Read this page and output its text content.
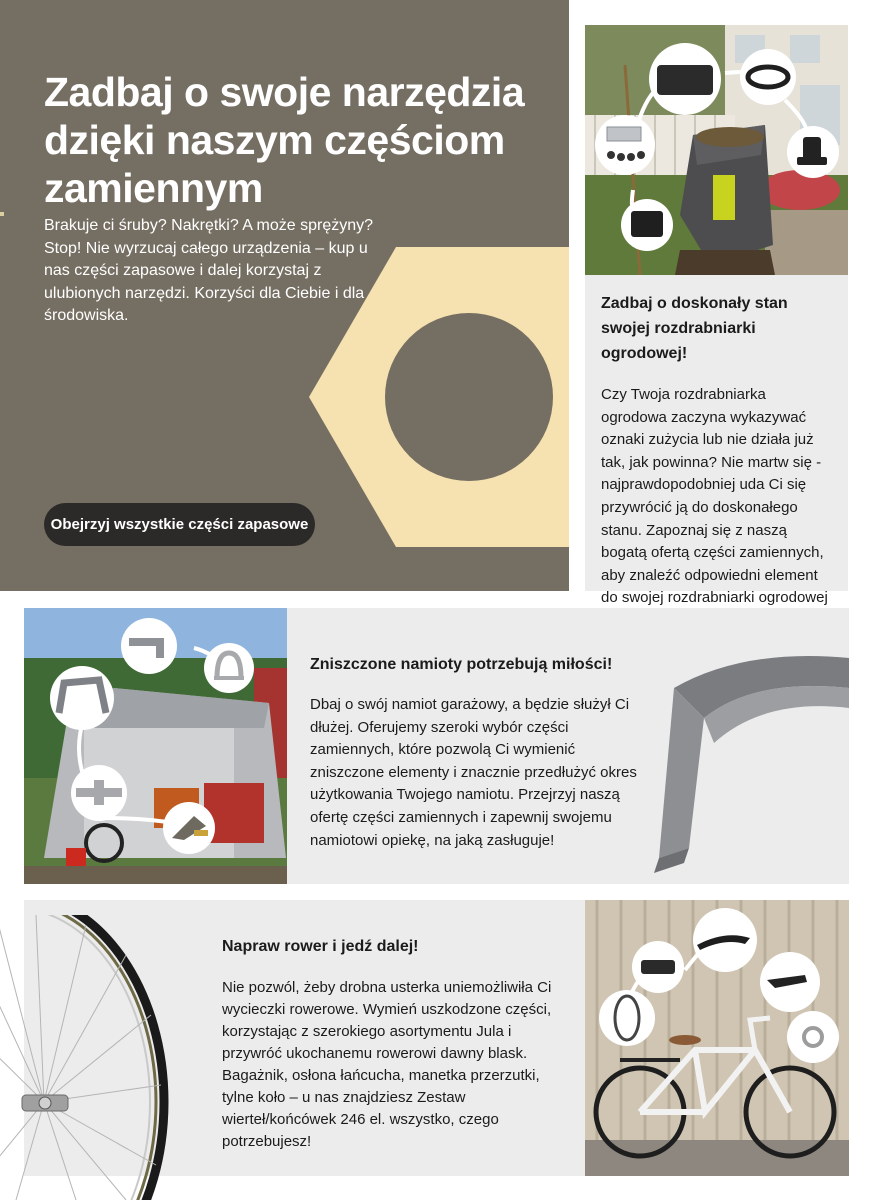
Zadbaj o swoje narzędzia dzięki naszym częściom zamiennym

Brakuje ci śruby? Nakrętki? A może sprężyny? Stop! Nie wyrzucaj całego urządzenia – kup u nas części zapasowe i dalej korzystaj z ulubionych narzędzi. Korzyści dla Ciebie i dla środowiska.

Obejrzyj wszystkie części zapasowe
Zadbaj o doskonały stan swojej rozdrabniarki ogrodowej!

Czy Twoja rozdrabniarka ogrodowa zaczyna wykazywać oznaki zużycia lub nie działa już tak, jak powinna? Nie martw się - najprawdopodobniej uda Ci się przywrócić ją do doskonałego stanu. Zapoznaj się z naszą bogatą ofertą części zamiennych, aby znaleźć odpowiedni element do swojej rozdrabniarki ogrodowej

Zniszczone namioty potrzebują miłości!

Dbaj o swój namiot garażowy, a będzie służył Ci dłużej. Oferujemy szeroki wybór części zamiennych, które pozwolą Ci wymienić zniszczone elementy i znacznie przedłużyć okres użytkowania Twojego namiotu. Przejrzyj naszą ofertę części zamiennych i zapewnij swojemu namiotowi opiekę, na jaką zasługuje!

Napraw rower i jedź dalej!

Nie pozwól, żeby drobna usterka uniemożliwiła Ci wycieczki rowerowe. Wymień uszkodzone części, korzystając z szerokiego asortymentu Jula i przywróć ukochanemu rowerowi dawny blask. Bagażnik, osłona łańcucha, manetka przerzutki, tylne koło – u nas znajdziesz Zestaw wierteł/końcówek 246 el. wszystko, czego potrzebujesz!
